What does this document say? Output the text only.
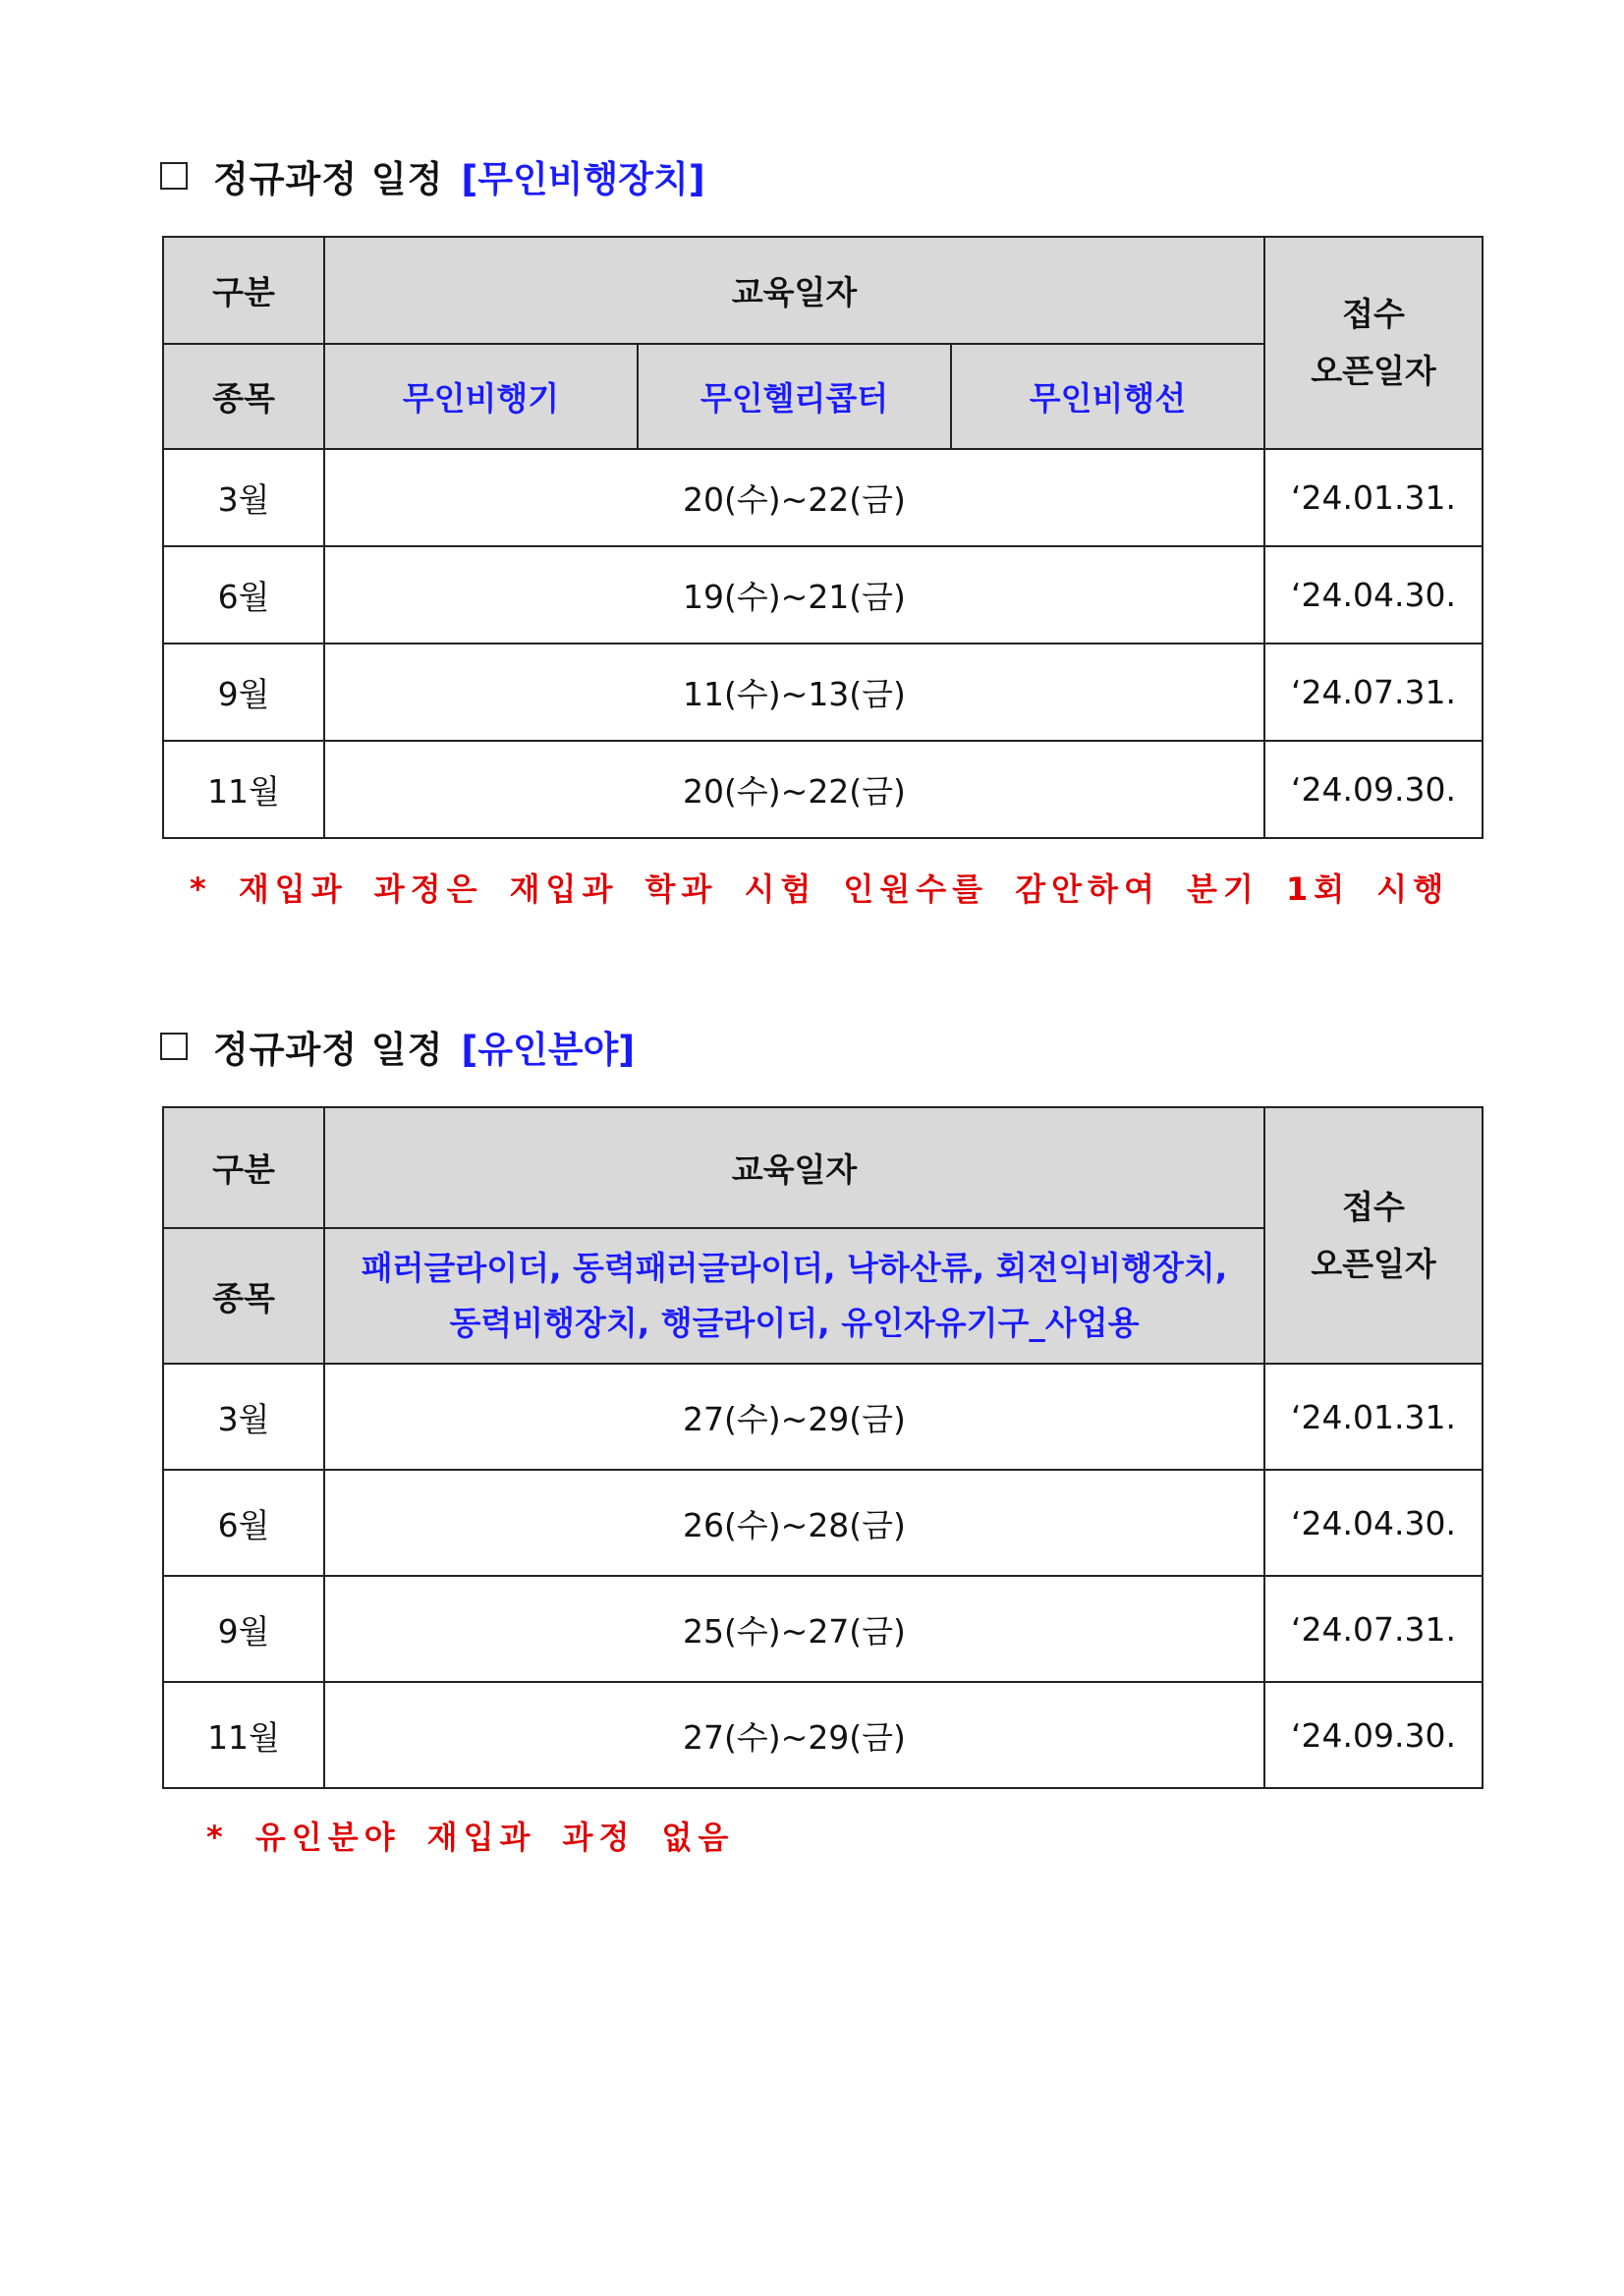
정규과정 일정 [무인비행장치]
구분	교육일자			접수
오픈일자

종목	무인비행기	무인헬리콥터	무인비행선	
3월	20(수)~22(금)			‘24.01.31.
6월	19(수)~21(금)			‘24.04.30.
9월	11(수)~13(금)			‘24.07.31.
11월	20(수)~22(금)			‘24.09.30.
* 재입과 과정은 재입과 학과 시험 인원수를 감안하여 분기 1회 시행
정규과정 일정 [유인분야]
구분	교육일자	접수
오픈일자

종목	패러글라이더, 동력패러글라이더, 낙하산류, 회전익비행장치,
동력비행장치, 행글라이더, 유인자유기구_사업용	

3월	27(수)~29(금)	‘24.01.31.
6월	26(수)~28(금)	‘24.04.30.
9월	25(수)~27(금)	‘24.07.31.
11월	27(수)~29(금)	‘24.09.30.
* 유인분야 재입과 과정 없음
